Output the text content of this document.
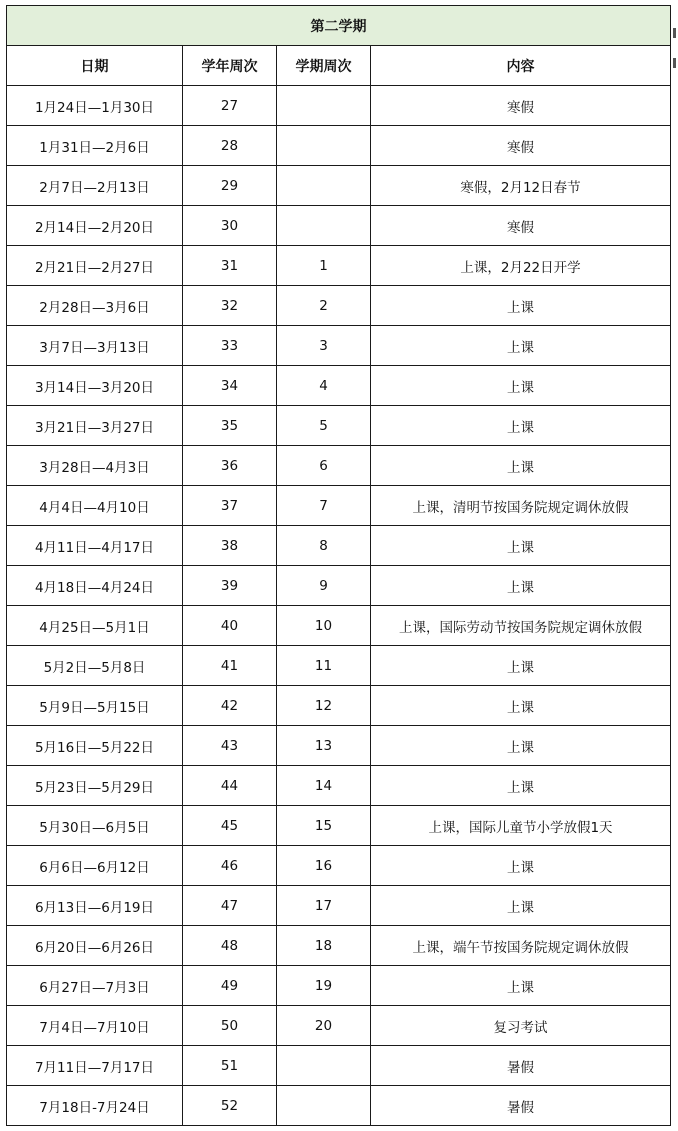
第二学期			
日期	学年周次	学期周次	内容
1月24日—1月30日	27		寒假
1月31日—2月6日	28		寒假
2月7日—2月13日	29		寒假，2月12日春节
2月14日—2月20日	30		寒假
2月21日—2月27日	31	1	上课，2月22日开学
2月28日—3月6日	32	2	上课
3月7日—3月13日	33	3	上课
3月14日—3月20日	34	4	上课
3月21日—3月27日	35	5	上课
3月28日—4月3日	36	6	上课
4月4日—4月10日	37	7	上课，清明节按国务院规定调休放假
4月11日—4月17日	38	8	上课
4月18日—4月24日	39	9	上课
4月25日—5月1日	40	10	上课，国际劳动节按国务院规定调休放假
5月2日—5月8日	41	11	上课
5月9日—5月15日	42	12	上课
5月16日—5月22日	43	13	上课
5月23日—5月29日	44	14	上课
5月30日—6月5日	45	15	上课，国际儿童节小学放假1天
6月6日—6月12日	46	16	上课
6月13日—6月19日	47	17	上课
6月20日—6月26日	48	18	上课，端午节按国务院规定调休放假
6月27日—7月3日	49	19	上课
7月4日—7月10日	50	20	复习考试
7月11日—7月17日	51		暑假
7月18日-7月24日	52		暑假
